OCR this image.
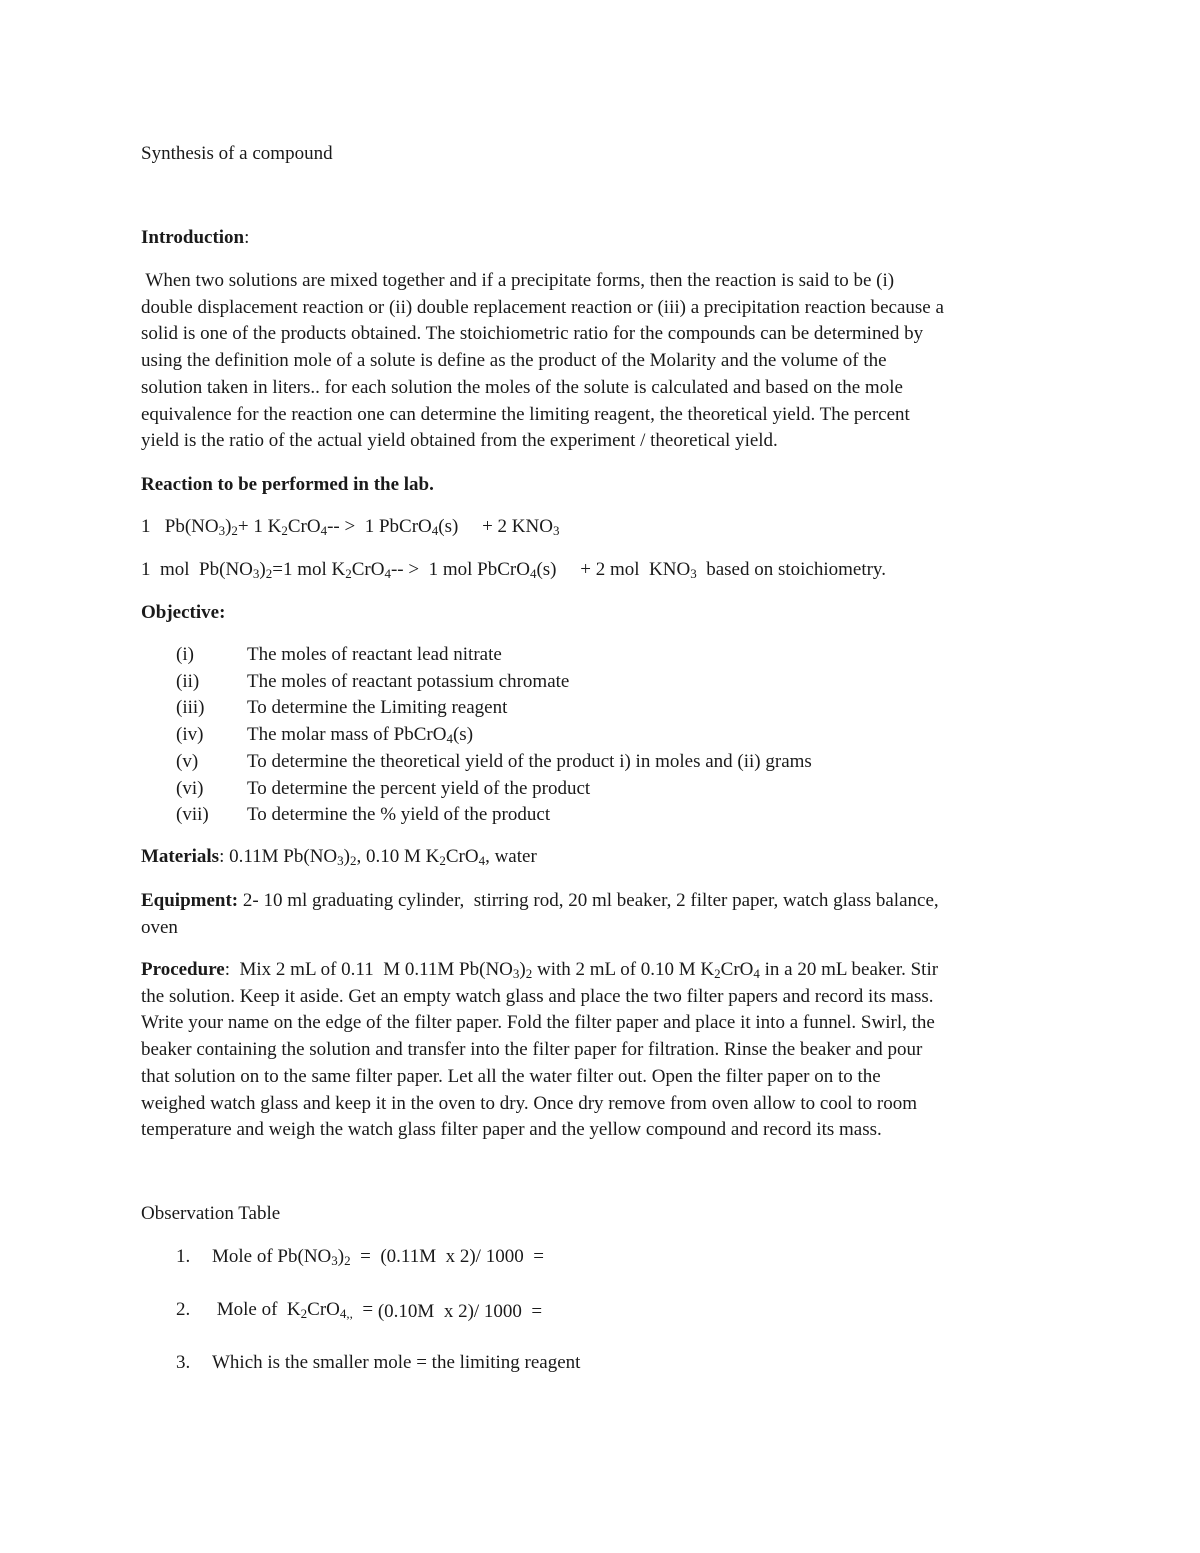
Synthesis of a compound

Introduction:

When two solutions are mixed together and if a precipitate forms, then the reaction is said to be (i)
double displacement reaction or (ii) double replacement reaction or (iii) a precipitation reaction because a
solid is one of the products obtained. The stoichiometric ratio for the compounds can be determined by
using the definition mole of a solute is define as the product of the Molarity and the volume of the
solution taken in liters.. for each solution the moles of the solute is calculated and based on the mole
equivalence for the reaction one can determine the limiting reagent, the theoretical yield. The percent
yield is the ratio of the actual yield obtained from the experiment / theoretical yield.

Reaction to be performed in the lab.

1   $Pb(NO_3)_2+ 1$ $K_2CrO_4-- > 1$ PbCrO$_4$(s)     + 2 $KNO_3$

1  mol  $Pb(NO_3)_2=1$ mol $K_2CrO_4-- > 1$ mol PbCrO$_4$(s)     + 2 mol  $KNO_3$  based on stoichiometry.

Objective:

(i)	The moles of reactant lead nitrate
(ii)	The moles of reactant potassium chromate
(iii) To determine the Limiting reagent
(iv) The molar mass of PbCrO$_4$(s)
(v)	To determine the theoretical yield of the product i) in moles and (ii) grams
(vi) To determine the percent yield of the product
(vii) To determine the % yield of the product

Materials: 0.11M $Pb(NO_3)_2$, 0.10 M $K_2CrO_4$, water

Equipment: 2- 10 ml graduating cylinder,  stirring rod, 20 ml beaker, 2 filter paper, watch glass balance,
oven
Procedure:  Mix 2 mL of 0.11  M 0.11M $Pb(NO_3)_2$ with 2 mL of 0.10 M $K_2CrO_4$ in a 20 mL beaker. Stir
the solution. Keep it aside. Get an empty watch glass and place the two filter papers and record its mass.
Write your name on the edge of the filter paper. Fold the filter paper and place it into a funnel. Swirl, the
beaker containing the solution and transfer into the filter paper for filtration. Rinse the beaker and pour
that solution on to the same filter paper. Let all the water filter out. Open the filter paper on to the
weighed watch glass and keep it in the oven to dry. Once dry remove from oven allow to cool to room
temperature and weigh the watch glass filter paper and the yellow compound and record its mass.

Observation Table

1. Mole of $Pb(NO_3)_2 = (0.11M$  x 2)/ 1000  =
2. Mole of  $K_2CrO_{4,,} = _{(0.10M x 2)/ 1000 =}$
3. Which is the smaller mole = the limiting reagent
